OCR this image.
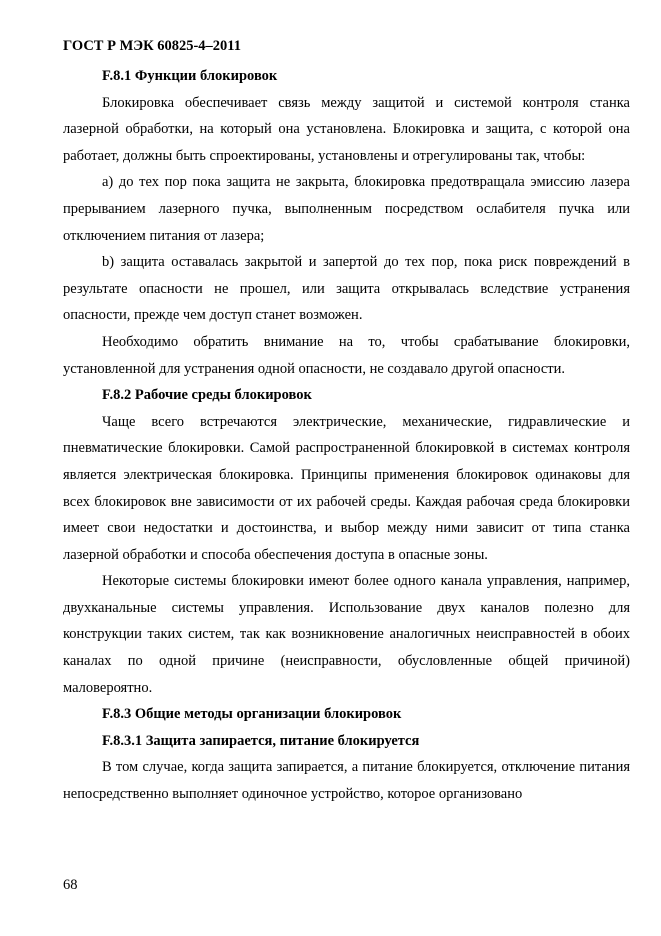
ГОСТ Р МЭК 60825-4–2011

F.8.1 Функции блокировок

Блокировка обеспечивает связь между защитой и системой контроля станка лазерной обработки, на который она установлена. Блокировка и защита, с которой она работает, должны быть спроектированы, установлены и отрегулированы так, чтобы:

a) до тех пор пока защита не закрыта, блокировка предотвращала эмиссию лазера прерыванием лазерного пучка, выполненным посредством ослабителя пучка или отключением питания от лазера;

b) защита оставалась закрытой и запертой до тех пор, пока риск повреждений в результате опасности не прошел, или защита открывалась вследствие устранения опасности, прежде чем доступ станет возможен.

Необходимо обратить внимание на то, чтобы срабатывание блокировки, установленной для устранения одной опасности, не создавало другой опасности.

F.8.2 Рабочие среды блокировок

Чаще всего встречаются электрические, механические, гидравлические и пневматические блокировки. Самой распространенной блокировкой в системах контроля является электрическая блокировка. Принципы применения блокировок одинаковы для всех блокировок вне зависимости от их рабочей среды. Каждая рабочая среда блокировки имеет свои недостатки и достоинства, и выбор между ними зависит от типа станка лазерной обработки и способа обеспечения доступа в опасные зоны.

Некоторые системы блокировки имеют более одного канала управления, например, двухканальные системы управления. Использование двух каналов полезно для конструкции таких систем, так как возникновение аналогичных неисправностей в обоих каналах по одной причине (неисправности, обусловленные общей причиной) маловероятно.

F.8.3 Общие методы организации блокировок

F.8.3.1 Защита запирается, питание блокируется

В том случае, когда защита запирается, а питание блокируется, отключение питания непосредственно выполняет одиночное устройство, которое организовано

68
